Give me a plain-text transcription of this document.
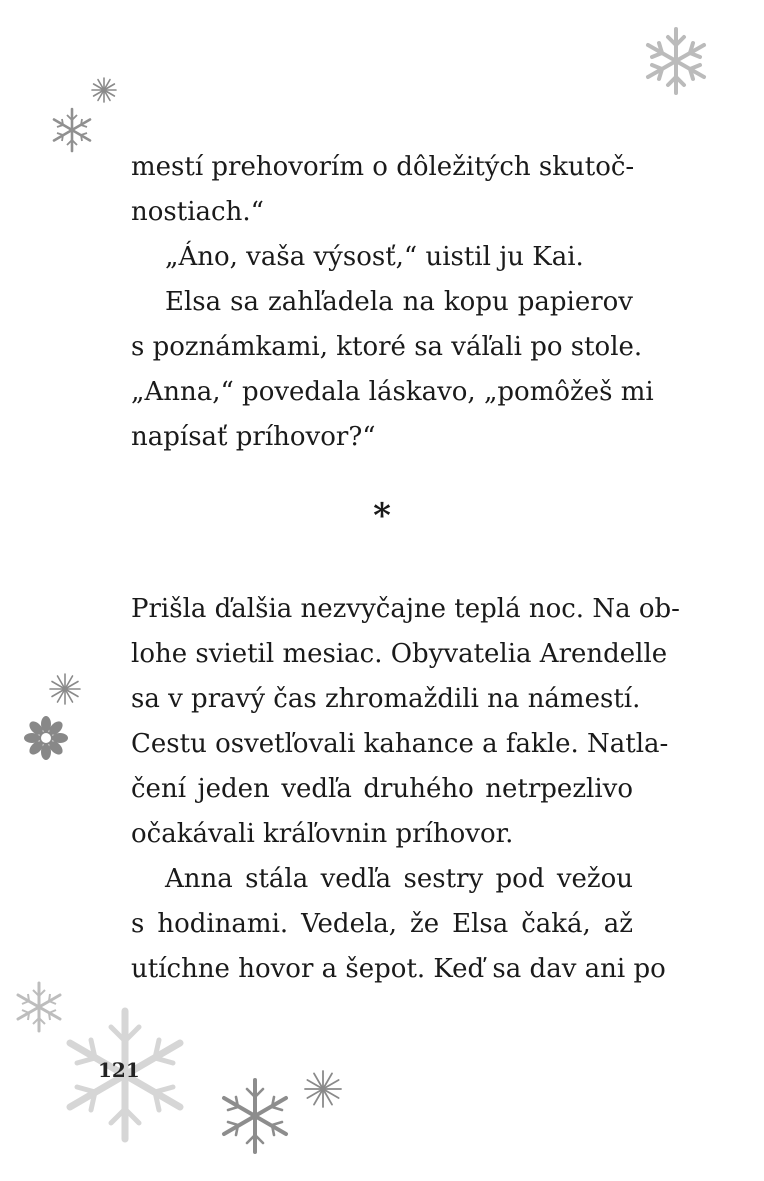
mestí prehovorím o dôležitých skutoč-
nostiach.“
„Áno, vaša výsosť,“ uistil ju Kai.
Elsa sa zahľadela na kopu papierov
s poznámkami, ktoré sa váľali po stole.
„Anna,“ povedala láskavo, „pomôžeš mi
napísať príhovor?“
*
Prišla ďalšia nezvyčajne teplá noc. Na ob-
lohe svietil mesiac. Obyvatelia Arendelle
sa v pravý čas zhromaždili na námestí.
Cestu osvetľovali kahance a fakle. Natla-
čení jeden vedľa druhého netrpezlivo
očakávali kráľovnin príhovor.
Anna stála vedľa sestry pod vežou
s hodinami. Vedela, že Elsa čaká, až
utíchne hovor a šepot. Keď sa dav ani po
121
